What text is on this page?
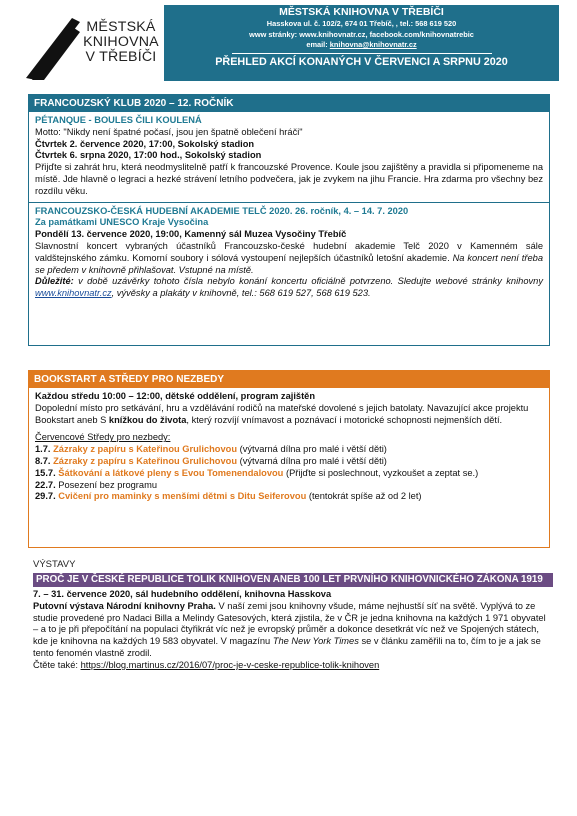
MĚSTSKÁ
KNIHOVNA
V TŘEBÍČI
MĚSTSKÁ KNIHOVNA V TŘEBÍČI
Hasskova ul. č. 102/2, 674 01 Třebíč, , tel.: 568 619 520
www stránky: www.knihovnatr.cz, facebook.com/knihovnatrebic
email: knihovna@knihovnatr.cz
PŘEHLED AKCÍ KONANÝCH V ČERVENCI A SRPNU 2020
FRANCOUZSKÝ KLUB 2020 – 12. ROČNÍK
PÉTANQUE - BOULES ČILI KOULENÁ
Motto: "Nikdy není špatné počasí, jsou jen špatně oblečení hráči"
Čtvrtek 2. července 2020, 17:00, Sokolský stadion
Čtvrtek 6. srpna 2020, 17:00 hod., Sokolský stadion
Přijďte si zahrát hru, která neodmyslitelně patří k francouzské Provence. Koule jsou zajištěny a pravidla si připomeneme na místě. Jde hlavně o legraci a hezké strávení letního podvečera, jak je zvykem na jihu Francie. Hra zdarma pro všechny bez rozdílu věku.
FRANCOUZSKO-ČESKÁ HUDEBNÍ AKADEMIE TELČ 2020. 26. ročník, 4. – 14. 7. 2020
Za památkami UNESCO Kraje Vysočina
Pondělí 13. července 2020, 19:00, Kamenný sál Muzea Vysočiny Třebíč
Slavnostní koncert vybraných účastníků Francouzsko-české hudební akademie Telč 2020 v Kamenném sále valdštejnského zámku. Komorní soubory i sólová vystoupení nejlepších účastníků letošní akademie. Na koncert není třeba se předem v knihovně přihlašovat. Vstupné na místě.
Důležité: v době uzávěrky tohoto čísla nebylo konání koncertu oficiálně potvrzeno. Sledujte webové stránky knihovny www.knihovnatr.cz, vývěsky a plakáty v knihovně, tel.: 568 619 527, 568 619 523.
BOOKSTART A STŘEDY PRO NEZBEDY
Každou středu 10:00 – 12:00, dětské oddělení, program zajištěn
Dopolední místo pro setkávání, hru a vzdělávání rodičů na mateřské dovolené s jejich batolaty. Navazující akce projektu Bookstart aneb S knížkou do života, který rozvíjí vnímavost a poznávací i motorické schopnosti nejmenších dětí.
Červencové Středy pro nezbedy:
1.7. Zázraky z papíru s Kateřinou Grulichovou (výtvarná dílna pro malé i větší děti)
8.7. Zázraky z papíru s Kateřinou Grulichovou (výtvarná dílna pro malé i větší děti)
15.7. Šátkování a látkové pleny s Evou Tomenendalovou (Přijďte si poslechnout, vyzkoušet a zeptat se.)
22.7. Posezení bez programu
29.7. Cvičení pro maminky s menšími dětmi s Ditu Seiferovou (tentokrát spíše až od 2 let)
VÝSTAVY
PROČ JE V ČESKÉ REPUBLICE TOLIK KNIHOVEN ANEB 100 LET PRVNÍHO KNIHOVNICKÉHO ZÁKONA 1919
7. – 31. července 2020, sál hudebního oddělení, knihovna Hasskova
Putovní výstava Národní knihovny Praha. V naší zemi jsou knihovny všude, máme nejhustší síť na světě. Vyplývá to ze studie provedené pro Nadaci Billa a Melindy Gatesových, která zjistila, že v ČR je jedna knihovna na každých 1 971 obyvatel – a to je při přepočítání na populaci čtyřikrát víc než je evropský průměr a dokonce desetkrát víc než ve Spojených státech, kde je knihovna na každých 19 583 obyvatel. V magazínu The New York Times se v článku zaměřili na to, čím to je a jak se tento fenomén vlastně zrodil.
Čtěte také: https://blog.martinus.cz/2016/07/proc-je-v-ceske-republice-tolik-knihoven
